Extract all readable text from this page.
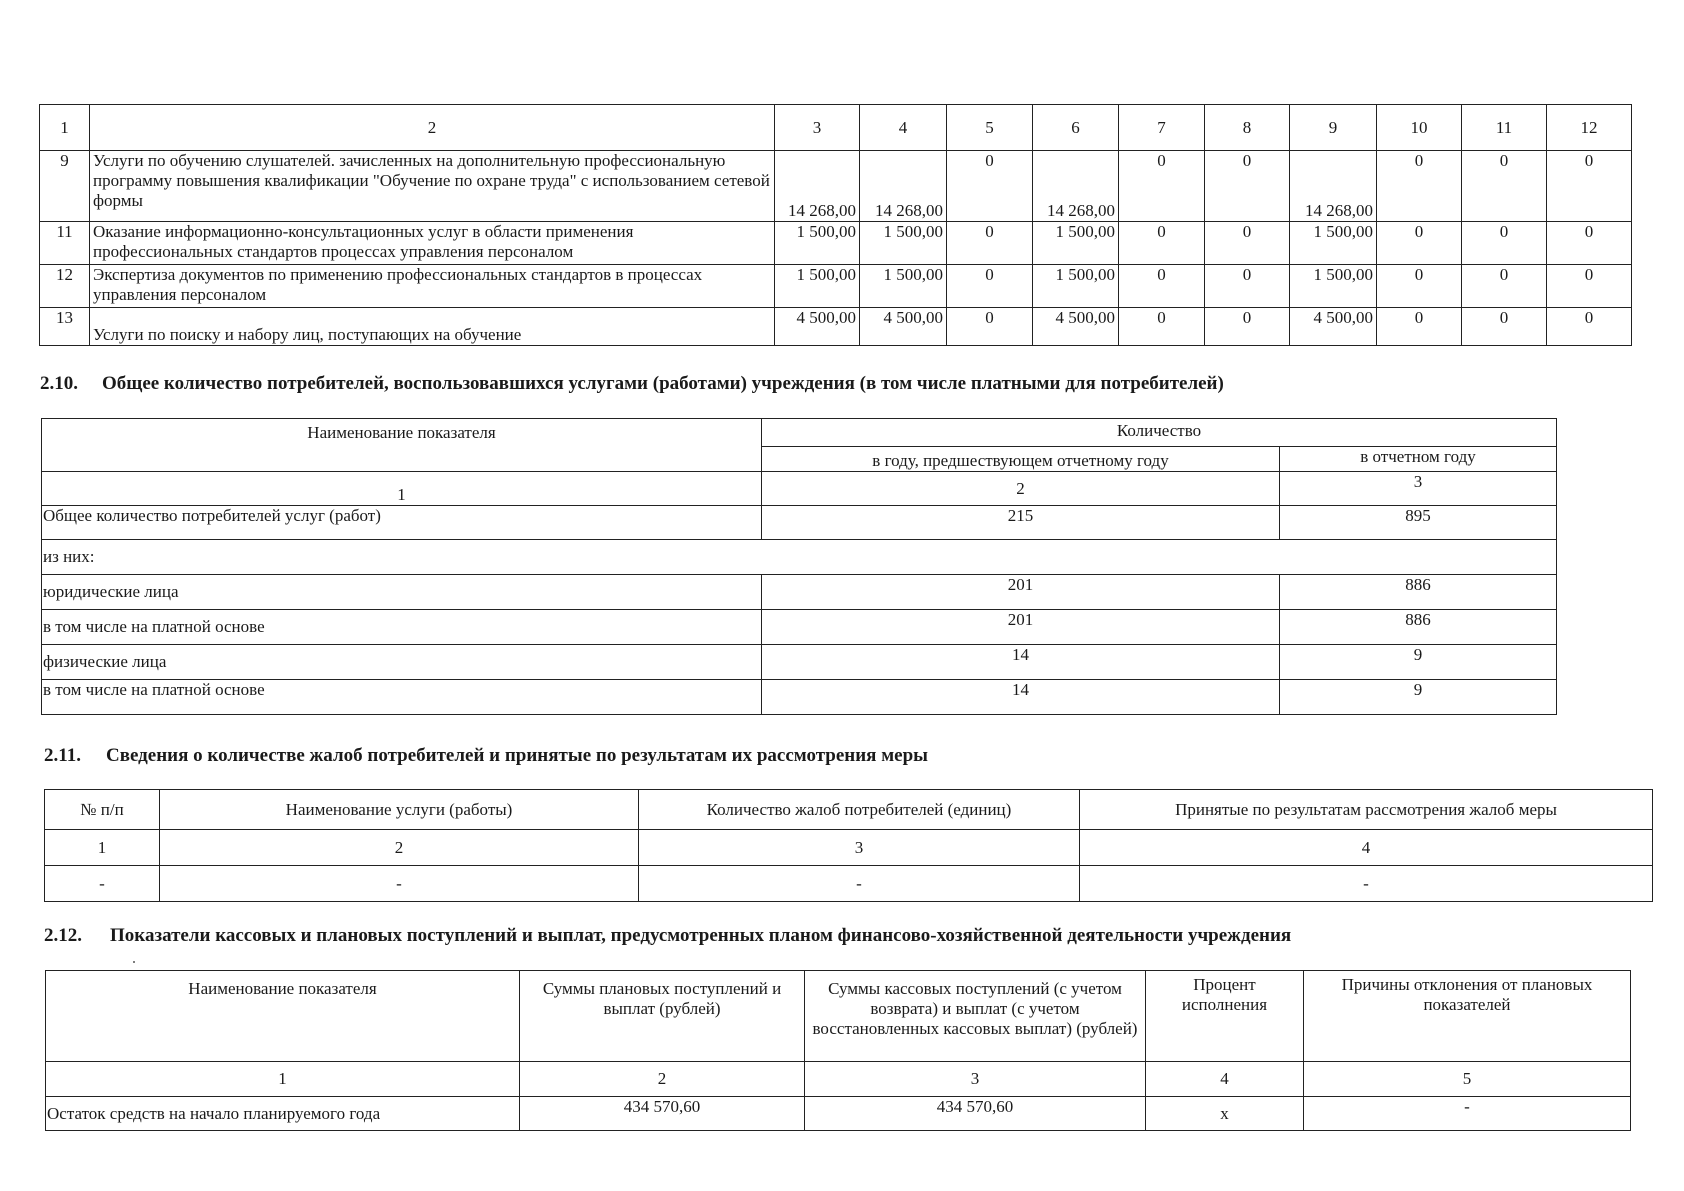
1	2	3	4	5	6	7	8	9	10	11	12
9	Услуги по обучению слушателей. зачисленных на дополнительную профессиональную программу повышения квалификации "Обучение по охране труда" с использованием сетевой формы	14 268,00	14 268,00	0	14 268,00	0	0	14 268,00	0	0	0
11	Оказание информационно-консультационных услуг в области применения профессиональных стандартов процессах управления персоналом	1 500,00	1 500,00	0	1 500,00	0	0	1 500,00	0	0	0
12	Экспертиза документов по применению профессиональных стандартов в процессах управления персоналом	1 500,00	1 500,00	0	1 500,00	0	0	1 500,00	0	0	0
13	Услуги по поиску и набору лиц, поступающих на обучение	4 500,00	4 500,00	0	4 500,00	0	0	4 500,00	0	0	0
2.10. Общее количество потребителей, воспользовавшихся услугами (работами) учреждения (в том числе платными для потребителей)
Наименование показателя	Количество	
	в году, предшествующем отчетному году	в отчетном году
1	2	3
Общее количество потребителей услуг (работ)	215	895
из них:		
юридические лица	201	886
в том числе на платной основе	201	886
физические лица	14	9
в том числе на платной основе	14	9
2.11. Сведения о количестве жалоб потребителей и принятые по результатам их рассмотрения меры
№ п/п	Наименование услуги (работы)	Количество жалоб потребителей (единиц)	Принятые по результатам рассмотрения жалоб меры
1	2	3	4
-	-	-	-
2.12. Показатели кассовых и плановых поступлений и выплат, предусмотренных планом финансово-хозяйственной деятельности учреждения
Наименование показателя	Суммы плановых поступлений и выплат (рублей)	Суммы кассовых поступлений (с учетом возврата) и выплат (с учетом восстановленных кассовых выплат) (рублей)	Процент исполнения	Причины отклонения от плановых показателей
1	2	3	4	5
Остаток средств на начало планируемого года	434 570,60	434 570,60	x	-
